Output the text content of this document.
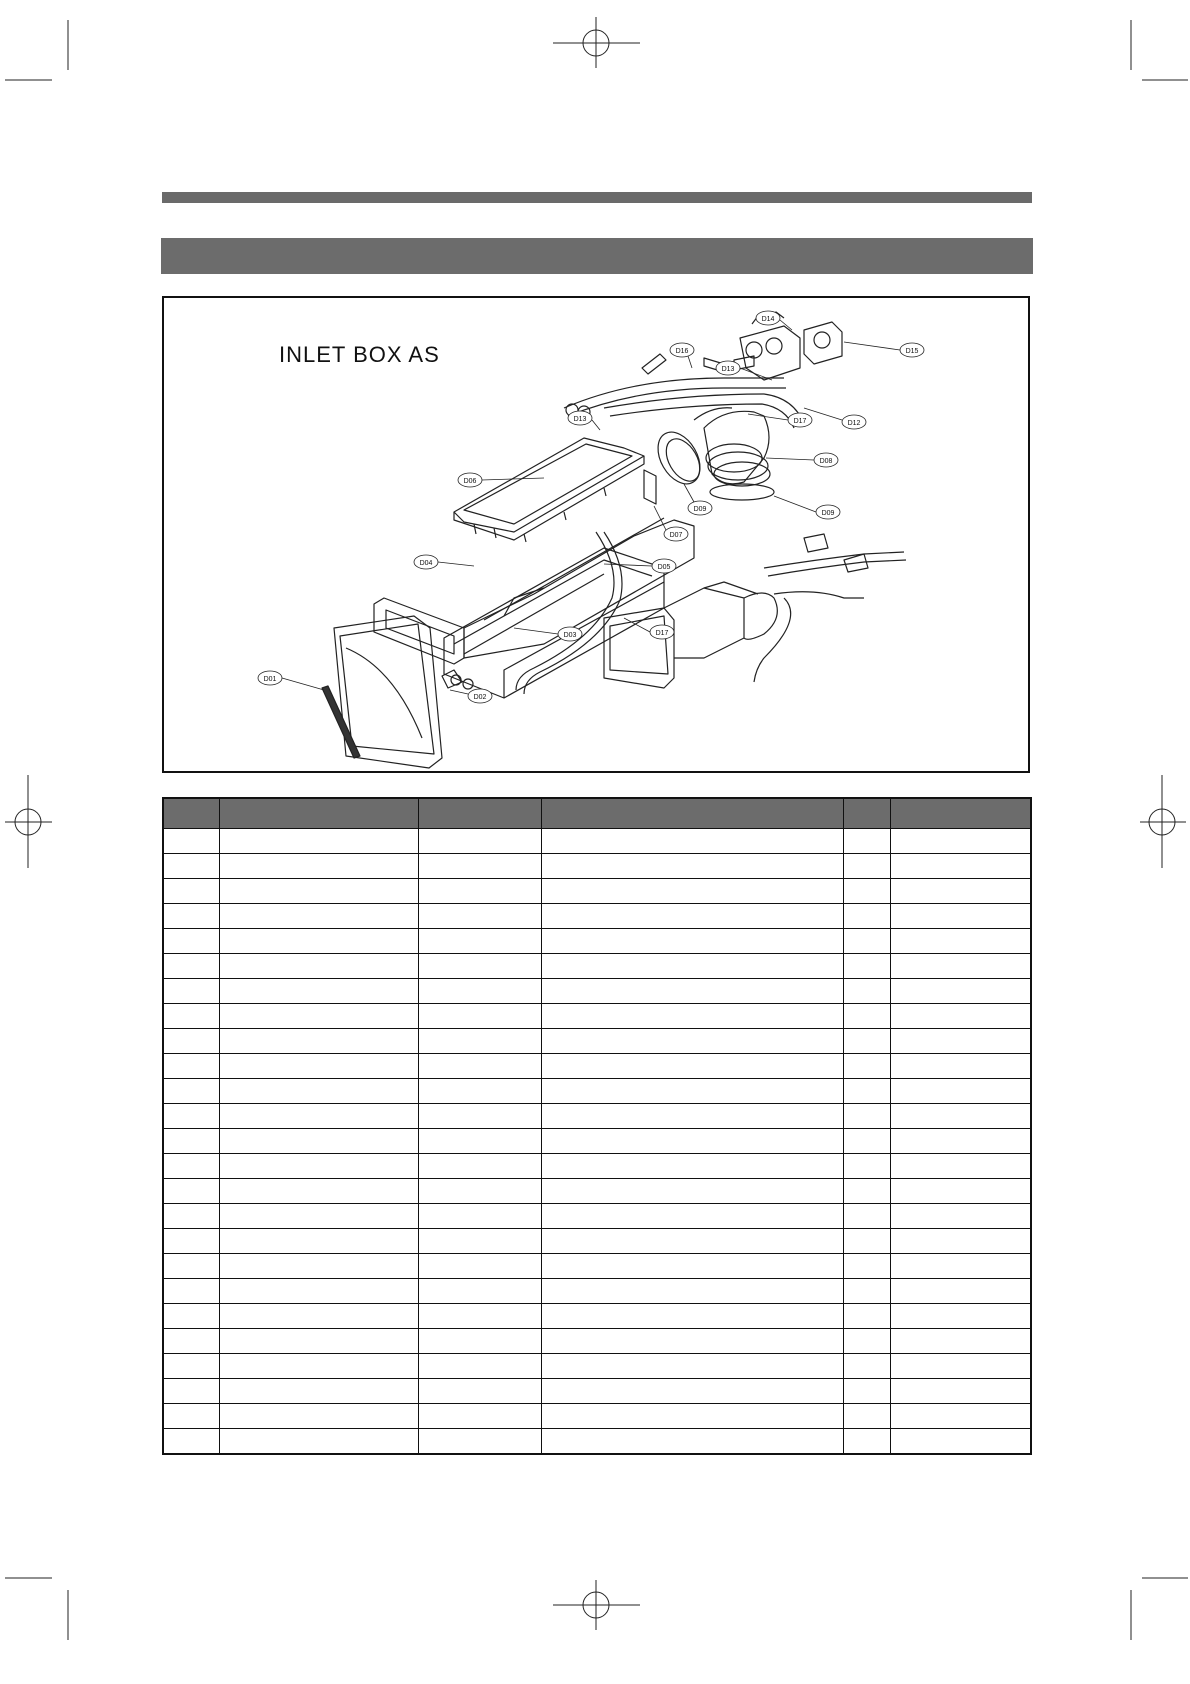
INLET BOX AS
D01
D02
D03
D04
D05
D06
D07
D08
D09
D09
D12
D13
D13
D14
D15
D16
D17
D17
